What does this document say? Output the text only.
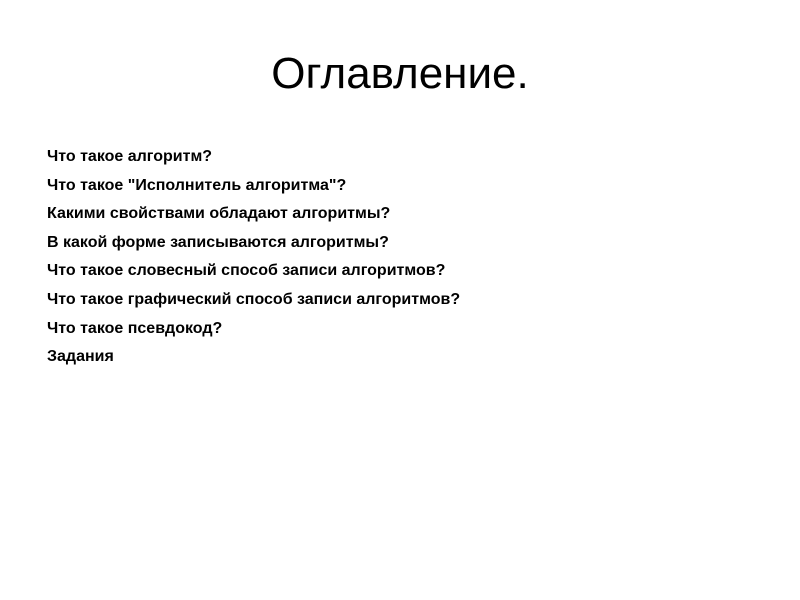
Оглавление.
Что такое алгоритм?
Что такое "Исполнитель алгоритма"?
Какими свойствами обладают алгоритмы?
В какой форме записываются алгоритмы?
Что такое словесный способ записи алгоритмов?
Что такое графический способ записи алгоритмов?
Что такое псевдокод?
Задания
